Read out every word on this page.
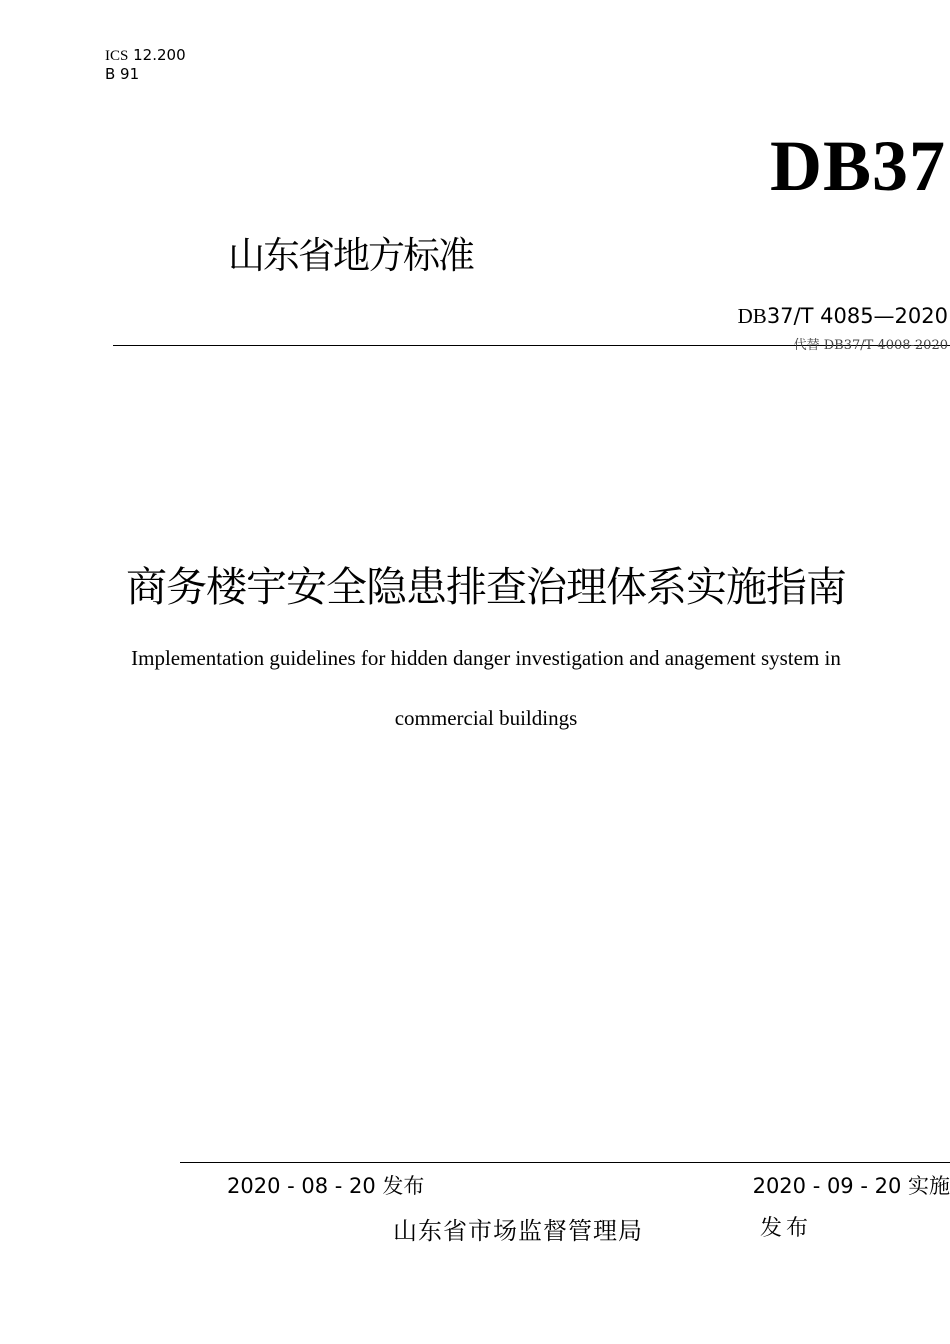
ICS 12.200
B 91
DB37
山东省地方标准
DB37/T 4085—2020
代替 DB37/T 4008-2020
商务楼宇安全隐患排查治理体系实施指南
Implementation guidelines for hidden danger investigation and anagement system in
commercial buildings
2020 - 08 - 20 发布	2020 - 09 - 20 实施
山东省市场监督管理局	发布
